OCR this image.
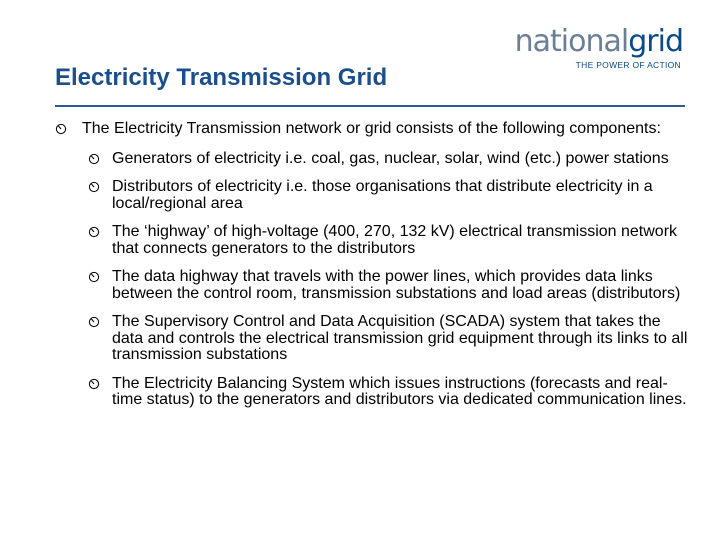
nationalgrid
THE POWER OF ACTION
Electricity Transmission Grid
The Electricity Transmission network or grid consists of the following components:
Generators of electricity i.e. coal, gas, nuclear, solar, wind (etc.) power stations
Distributors of electricity i.e. those organisations that distribute electricity in a local/regional area
The ‘highway’ of high-voltage (400, 270, 132 kV) electrical transmission network that connects generators to the distributors
The data highway that travels with the power lines, which provides data links between the control room, transmission substations and load areas (distributors)
The Supervisory Control and Data Acquisition (SCADA) system that takes the data and controls the electrical transmission grid equipment through its links to all transmission substations
The Electricity Balancing System which issues instructions (forecasts and real-time status) to the generators and distributors via dedicated communication lines.
